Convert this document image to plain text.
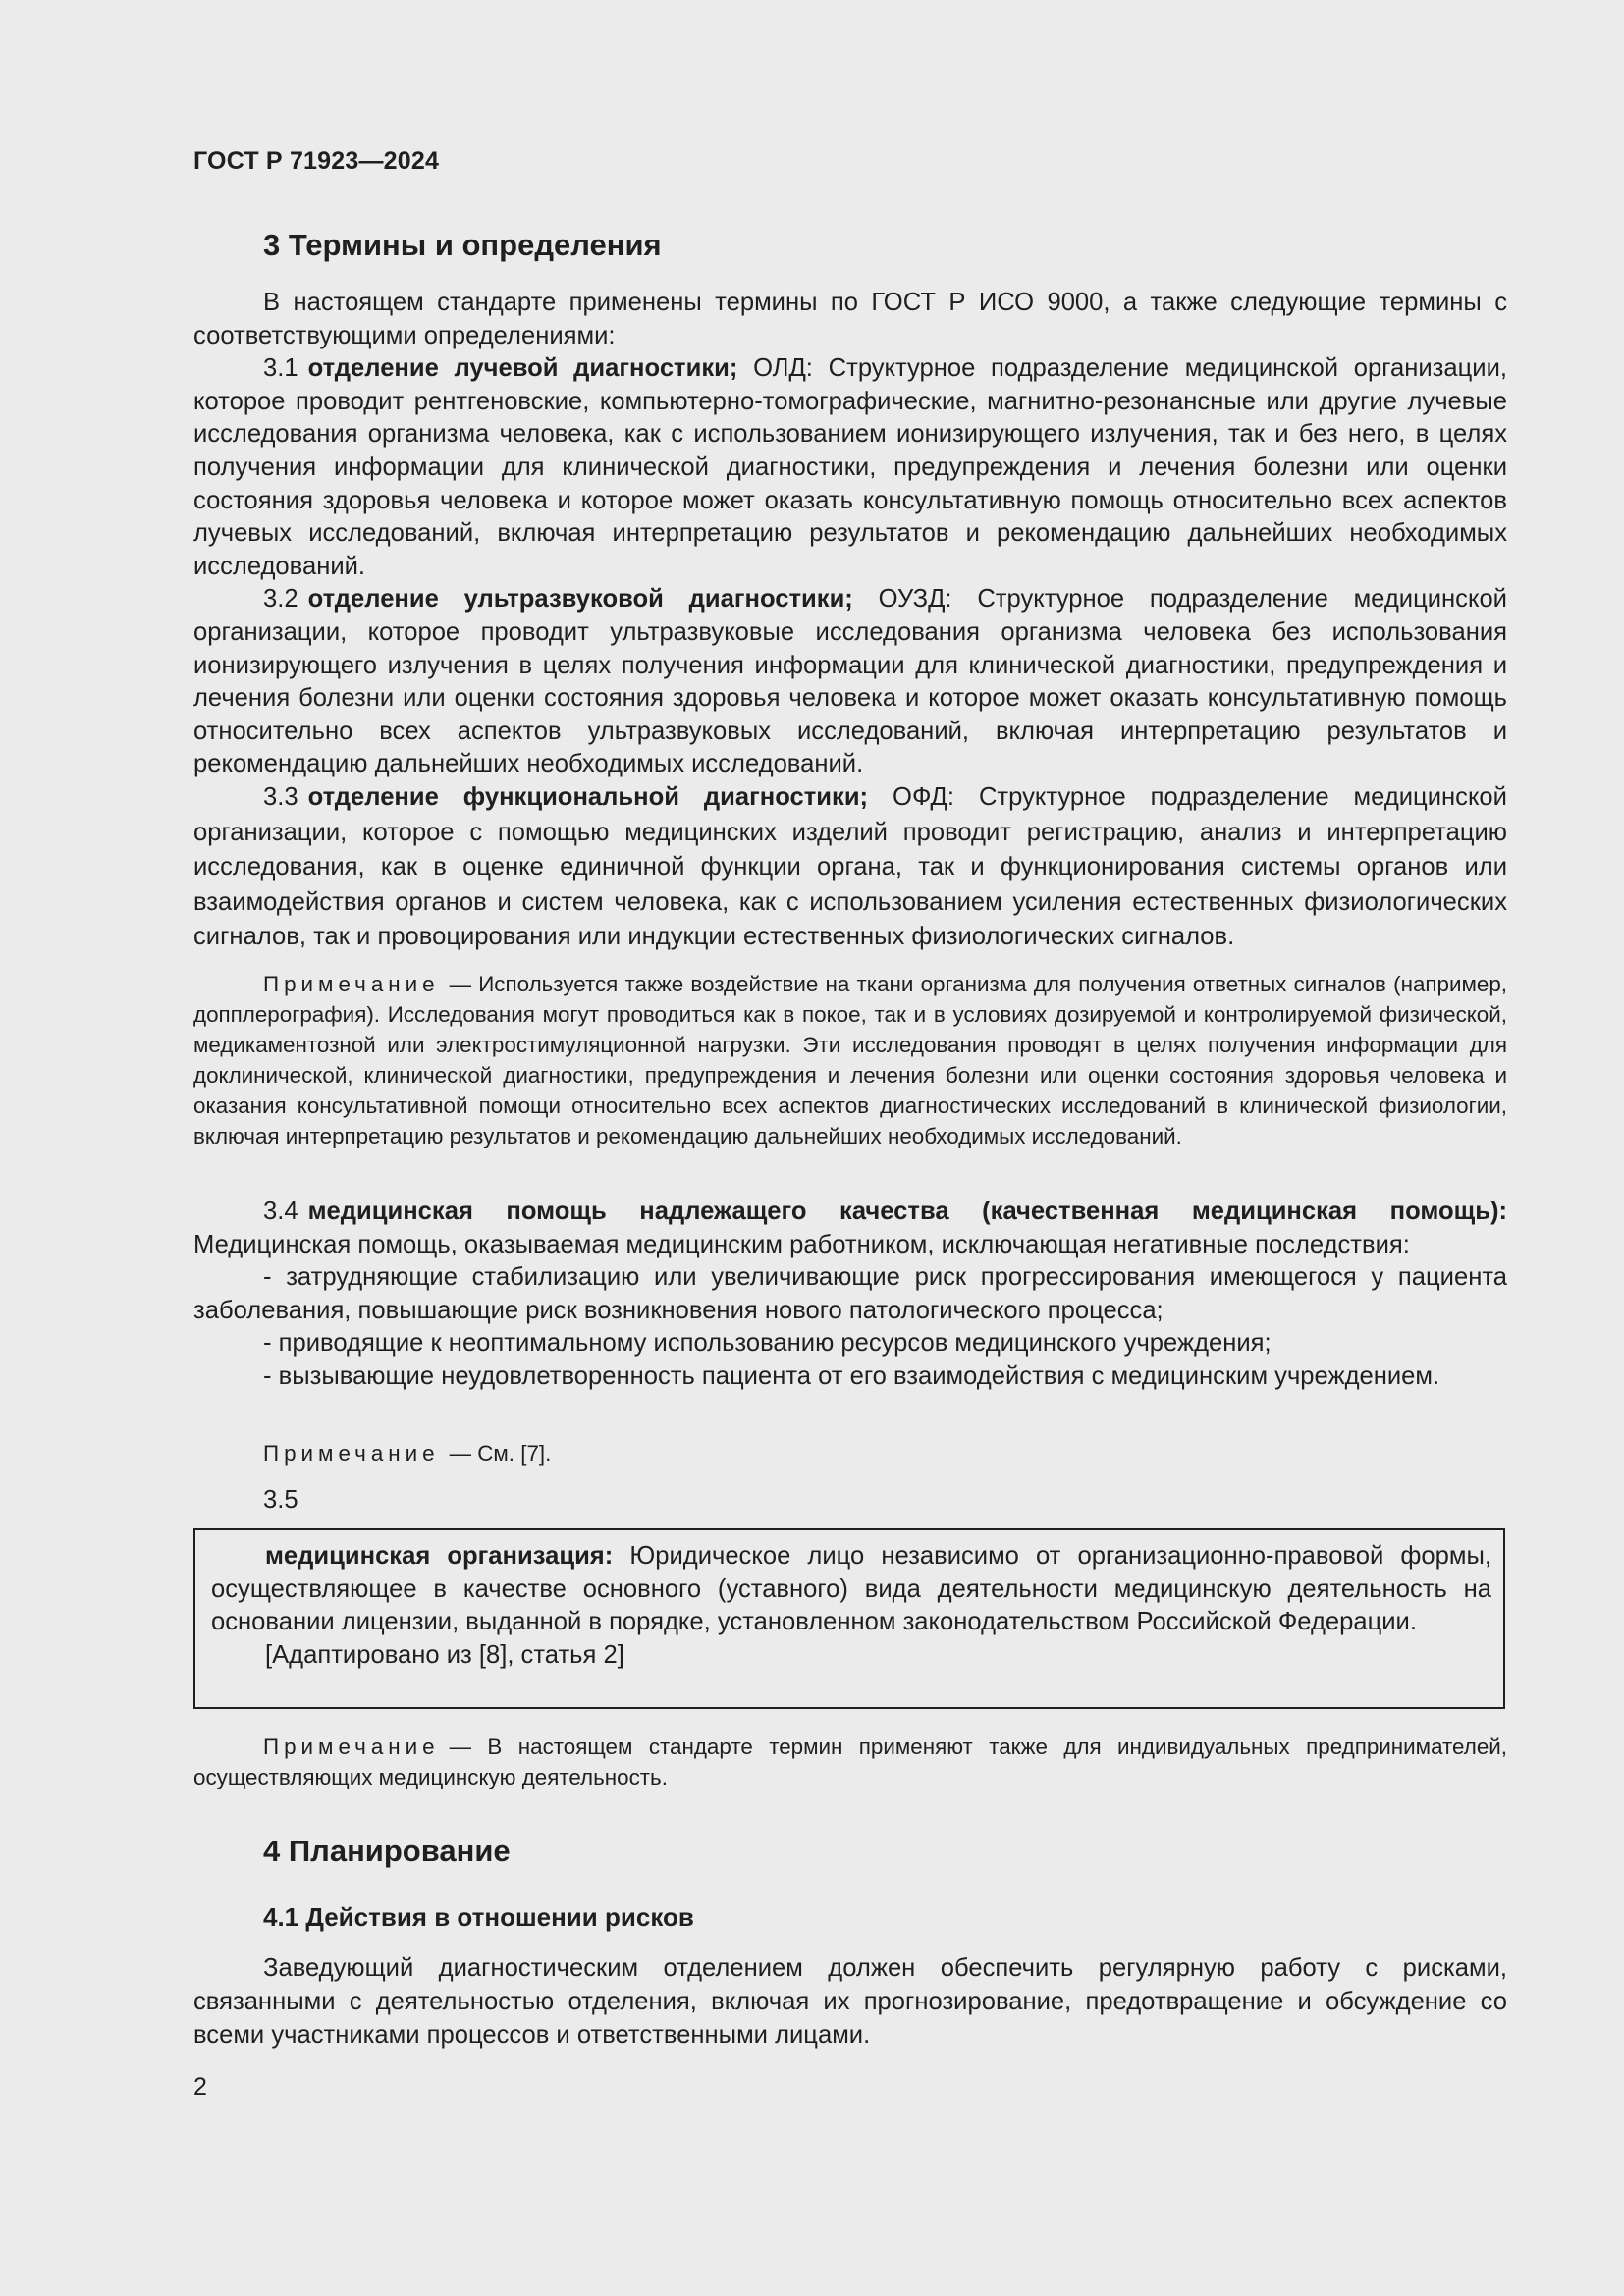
ГОСТ Р 71923—2024
3 Термины и определения

В настоящем стандарте применены термины по ГОСТ Р ИСО 9000, а также следующие термины с соответствующими определениями:

3.1 отделение лучевой диагностики; ОЛД: Структурное подразделение медицинской организации, которое проводит рентгеновские, компьютерно-томографические, магнитно-резонансные или другие лучевые исследования организма человека, как с использованием ионизирующего излучения, так и без него, в целях получения информации для клинической диагностики, предупреждения и лечения болезни или оценки состояния здоровья человека и которое может оказать консультативную помощь относительно всех аспектов лучевых исследований, включая интерпретацию результатов и рекомендацию дальнейших необходимых исследований.

3.2 отделение ультразвуковой диагностики; ОУЗД: Структурное подразделение медицинской организации, которое проводит ультразвуковые исследования организма человека без использования ионизирующего излучения в целях получения информации для клинической диагностики, предупреждения и лечения болезни или оценки состояния здоровья человека и которое может оказать консультативную помощь относительно всех аспектов ультразвуковых исследований, включая интерпретацию результатов и рекомендацию дальнейших необходимых исследований.

3.3 отделение функциональной диагностики; ОФД: Структурное подразделение медицинской организации, которое с помощью медицинских изделий проводит регистрацию, анализ и интерпретацию исследования, как в оценке единичной функции органа, так и функционирования системы органов или взаимодействия органов и систем человека, как с использованием усиления естественных физиологических сигналов, так и провоцирования или индукции естественных физиологических сигналов.

Примечание — Используется также воздействие на ткани организма для получения ответных сигналов (например, допплерография). Исследования могут проводиться как в покое, так и в условиях дозируемой и контролируемой физической, медикаментозной или электростимуляционной нагрузки. Эти исследования проводят в целях получения информации для доклинической, клинической диагностики, предупреждения и лечения болезни или оценки состояния здоровья человека и оказания консультативной помощи относительно всех аспектов диагностических исследований в клинической физиологии, включая интерпретацию результатов и рекомендацию дальнейших необходимых исследований.

3.4 медицинская помощь надлежащего качества (качественная медицинская помощь): Медицинская помощь, оказываемая медицинским работником, исключающая негативные последствия:

- затрудняющие стабилизацию или увеличивающие риск прогрессирования имеющегося у пациента заболевания, повышающие риск возникновения нового патологического процесса;

- приводящие к неоптимальному использованию ресурсов медицинского учреждения;

- вызывающие неудовлетворенность пациента от его взаимодействия с медицинским учреждением.

Примечание — См. [7].

3.5

медицинская организация: Юридическое лицо независимо от организационно-правовой формы, осуществляющее в качестве основного (уставного) вида деятельности медицинскую деятельность на основании лицензии, выданной в порядке, установленном законодательством Российской Федерации.

[Адаптировано из [8], статья 2]

Примечание — В настоящем стандарте термин применяют также для индивидуальных предпринимателей, осуществляющих медицинскую деятельность.

4 Планирование
4.1 Действия в отношении рисков

Заведующий диагностическим отделением должен обеспечить регулярную работу с рисками, связанными с деятельностью отделения, включая их прогнозирование, предотвращение и обсуждение со всеми участниками процессов и ответственными лицами.

2
